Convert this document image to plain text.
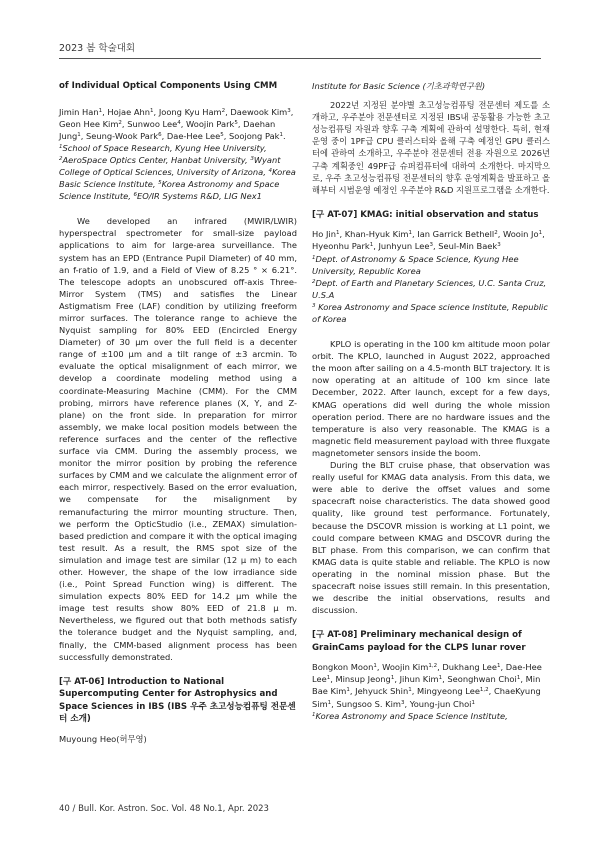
2023 봄 학술대회
of Individual Optical Components Using CMM
Jimin Han$^1$, Hojae Ahn$^1$, Joong Kyu Ham$^2$, Daewook Kim$^3$, Geon Hee Kim$^2$, Sunwoo Lee$^4$, Woojin Park$^5$, Daehan Jung$^1$, Seung-Wook Park$^6$, Dae-Hee Lee$^5$, Soojong Pak$^1$.
$^1$School of Space Research, Kyung Hee University, $^2$AeroSpace Optics Center, Hanbat University, $^3$Wyant College of Optical Sciences, University of Arizona, $^4$Korea Basic Science Institute, $^5$Korea Astronomy and Space Science Institute, $^6$EO/IR Systems R&D, LIG Nex1

We developed an infrared (MWIR/LWIR) hyperspectral spectrometer for small-size payload applications to aim for large-area surveillance. The system has an EPD (Entrance Pupil Diameter) of 40 mm, an f-ratio of 1.9, and a Field of View of 8.25 ° × 6.21°. The telescope adopts an unobscured off-axis Three-Mirror System (TMS) and satisfies the Linear Astigmatism Free (LAF) condition by utilizing freeform mirror surfaces. The tolerance range to achieve the Nyquist sampling for 80% EED (Encircled Energy Diameter) of 30 μm over the full field is a decenter range of ±100 μm and a tilt range of ±3 arcmin. To evaluate the optical misalignment of each mirror, we develop a coordinate modeling method using a coordinate-Measuring Machine (CMM). For the CMM probing, mirrors have reference planes (X, Y, and Z-plane) on the front side. In preparation for mirror assembly, we make local position models between the reference surfaces and the center of the reflective surface via CMM. During the assembly process, we monitor the mirror position by probing the reference surfaces by CMM and we calculate the alignment error of each mirror, respectively. Based on the error evaluation, we compensate for the misalignment by remanufacturing the mirror mounting structure. Then, we perform the OpticStudio (i.e., ZEMAX) simulation-based prediction and compare it with the optical imaging test result. As a result, the RMS spot size of the simulation and image test are similar (12 μ m) to each other. However, the shape of the low irradiance side (i.e., Point Spread Function wing) is different. The simulation expects 80% EED for 14.2 μm while the image test results show 80% EED of 21.8 μ m. Nevertheless, we figured out that both methods satisfy the tolerance budget and the Nyquist sampling, and, finally, the CMM-based alignment process has been successfully demonstrated.

[구 AT-06] Introduction to National Supercomputing Center for Astrophysics and Space Sciences in IBS (IBS 우주 초고성능컴퓨팅 전문센터 소개)
Muyoung Heo(허무영)
Institute for Basic Science (기초과학연구원)

2022년 지정된 분야별 초고성능컴퓨팅 전문센터 제도를 소개하고, 우주분야 전문센터로 지정된 IBS내 공동활용 가능한 초고성능컴퓨팅 자원과 향후 구축 계획에 관하여 설명한다. 특히, 현재 운영 중이 1PF급 CPU 클러스터와 올해 구축 예정인 GPU 클러스터에 관하여 소개하고, 우주분야 전문센터 전용 자원으로 2026년 구축 계획중인 49PF급 슈퍼컴퓨터에 대하여 소개한다. 마지막으로, 우주 초고성능컴퓨팅 전문센터의 향후 운영계획을 발표하고 올해부터 시범운영 예정인 우주분야 R&D 지원프로그램을 소개한다.

[구 AT-07] KMAG: initial observation and status
Ho Jin$^1$, Khan-Hyuk Kim$^1$, Ian Garrick Bethell$^2$, Wooin Jo$^1$, Hyeonhu Park$^1$, Junhyun Lee$^3$, Seul-Min Baek$^3$
$^1$Dept. of Astronomy & Space Science, Kyung Hee University, Republic Korea
$^2$Dept. of Earth and Planetary Sciences, U.C. Santa Cruz, U.S.A
$^3$ Korea Astronomy and Space science Institute, Republic of Korea

KPLO is operating in the 100 km altitude moon polar orbit. The KPLO, launched in August 2022, approached the moon after sailing on a 4.5-month BLT trajectory. It is now operating at an altitude of 100 km since late December, 2022. After launch, except for a few days, KMAG operations did well during the whole mission operation period. There are no hardware issues and the temperature is also very reasonable. The KMAG is a magnetic field measurement payload with three fluxgate magnetometer sensors inside the boom.

During the BLT cruise phase, that observation was really useful for KMAG data analysis. From this data, we were able to derive the offset values and some spacecraft noise characteristics. The data showed good quality, like ground test performance. Fortunately, because the DSCOVR mission is working at L1 point, we could compare between KMAG and DSCOVR during the BLT phase. From this comparison, we can confirm that KMAG data is quite stable and reliable. The KPLO is now operating in the nominal mission phase. But the spacecraft noise issues still remain. In this presentation, we describe the initial observations, results and discussion.

[구 AT-08] Preliminary mechanical design of GrainCams payload for the CLPS lunar rover
Bongkon Moon$^1$, Woojin Kim$^{1,2}$, Dukhang Lee$^1$, Dae-Hee Lee$^1$, Minsup Jeong$^1$, Jihun Kim$^1$, Seonghwan Choi$^1$, Min Bae Kim$^1$, Jehyuck Shin$^1$, Mingyeong Lee$^{1,2}$, ChaeKyung Sim$^1$, Sungsoo S. Kim$^3$, Young-jun Choi$^1$
$^1$Korea Astronomy and Space Science Institute,
40 / Bull. Kor. Astron. Soc. Vol. 48 No.1, Apr. 2023
